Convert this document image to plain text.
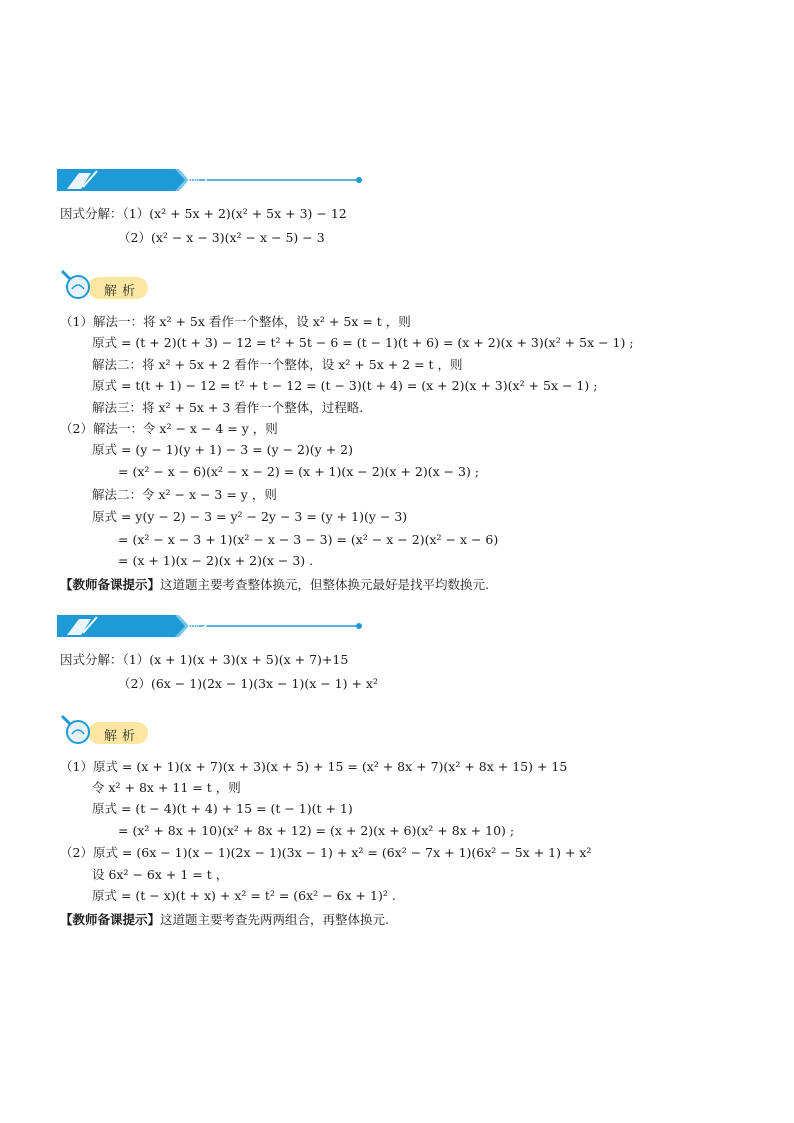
例2
因式分解：（1）(x² + 5x + 2)(x² + 5x + 3) − 12
（2）(x² − x − 3)(x² − x − 5) − 3
解析
（1）解法一：将 x² + 5x 看作一个整体，设 x² + 5x = t ，则
原式 = (t + 2)(t + 3) − 12 = t² + 5t − 6 = (t − 1)(t + 6) = (x + 2)(x + 3)(x² + 5x − 1) ;
解法二：将 x² + 5x + 2 看作一个整体，设 x² + 5x + 2 = t ，则
原式 = t(t + 1) − 12 = t² + t − 12 = (t − 3)(t + 4) = (x + 2)(x + 3)(x² + 5x − 1) ;
解法三：将 x² + 5x + 3 看作一个整体，过程略.
（2）解法一：令 x² − x − 4 = y ，则
原式 = (y − 1)(y + 1) − 3 = (y − 2)(y + 2)
= (x² − x − 6)(x² − x − 2) = (x + 1)(x − 2)(x + 2)(x − 3) ;
解法二：令 x² − x − 3 = y ，则
原式 = y(y − 2) − 3 = y² − 2y − 3 = (y + 1)(y − 3)
= (x² − x − 3 + 1)(x² − x − 3 − 3) = (x² − x − 2)(x² − x − 6)
= (x + 1)(x − 2)(x + 2)(x − 3) .
【教师备课提示】这道题主要考查整体换元，但整体换元最好是找平均数换元.
例3
因式分解：（1）(x + 1)(x + 3)(x + 5)(x + 7)+15
（2）(6x − 1)(2x − 1)(3x − 1)(x − 1) + x²
解析
（1）原式 = (x + 1)(x + 7)(x + 3)(x + 5) + 15 = (x² + 8x + 7)(x² + 8x + 15) + 15
令 x² + 8x + 11 = t ，则
原式 = (t − 4)(t + 4) + 15 = (t − 1)(t + 1)
= (x² + 8x + 10)(x² + 8x + 12) = (x + 2)(x + 6)(x² + 8x + 10) ;
（2）原式 = (6x − 1)(x − 1)(2x − 1)(3x − 1) + x² = (6x² − 7x + 1)(6x² − 5x + 1) + x²
设 6x² − 6x + 1 = t ，
原式 = (t − x)(t + x) + x² = t² = (6x² − 6x + 1)² .
【教师备课提示】这道题主要考查先两两组合，再整体换元.
